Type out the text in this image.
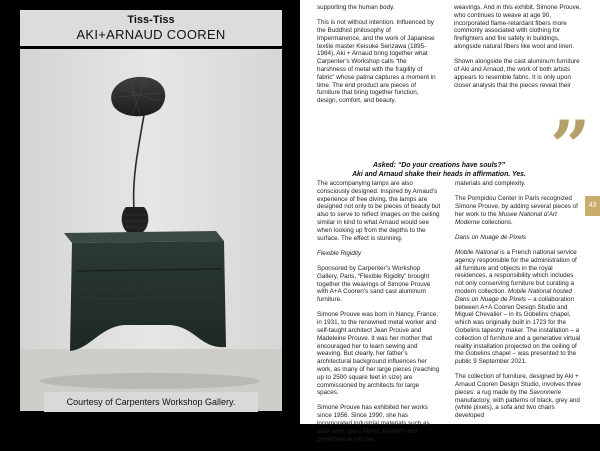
Tiss-Tiss
AKI+ARNAUD COOREN
Courtesy of Carpenters Workshop Gallery.

supporting the human body.

This is not without intention. Influenced by the Buddhist philosophy of Impermanence, and the work of Japanese textile master Keisuke Serizawa (1895-1984), Aki + Arnaud bring together what Carpenter’s Workshop calls “the harshness of metal with the fragility of fabric” whose patina captures a moment in time. The end product are pieces of furniture that bring together function, design, comfort, and beauty.

weavings. And in this exhibit, Simone Prouve, who continues to weave at age 90, incorporated flame-retardant fibers more commonly associated with clothing for firefighters and fire safety in buildings, alongside natural fibers like wool and linen.

Shown alongside the cast aluminum furniture of Aki and Arnaud, the work of both artists appears to resemble fabric. It is only upon closer analysis that the pieces reveal their

”
Asked: “Do your creations have souls?”
Aki and Arnaud shake their heads in affirmation. Yes.
43

The accompanying lamps are also consciously designed. Inspired by Arnaud’s experience of free diving, the lamps are designed not only to be pieces of beauty but also to serve to reflect images on the ceiling similar in kind to what Arnaud would see when looking up from the depths to the surface. The effect is stunning.

Flexible Rigidity

Sponsored by Carpenter’s Workshop Gallery, Paris, “Flexible Rigidity” brought together the weavings of Simone Prouve with A+A Cooren’s sand cast aluminum furniture.

Simone Prouve was born in Nancy, France, in 1931, to the renowned metal worker and self-taught architect Jean Prouve and Madeleine Prouve. It was her mother that encouraged her to learn sewing and weaving. But clearly, her father’s architectural background influences her work, as many of her large pieces (reaching up to 2500 square feet in size) are commissioned by architects for large spaces.

Simone Prouve has exhibited her works since 1956. Since 1990, she has incorporated industrial materials such as steel wire, glass fibres, Kevlar® and polyethylene into her

materials and complexity.

The Pompidou Center in Paris recognized Simone Prouve, by adding several pieces of her work to the Musee National d’Art Moderne collections.

Dans un Nuage de Pixels

Mobile National is a French national service agency responsible for the administration of all furniture and objects in the royal residences, a responsibility which includes not only conserving furniture but curating a modern collection. Mobile National hosted Dans un Nuage de Pixels – a collaboration between A+A Cooren Design Studio and Miguel Chevalier – in its Gobelins chapel, which was originally built in 1723 for the Gobelins tapestry maker. The installation – a collection of furniture and a generative virtual reality installation projected on the ceiling of the Gobelins chapel – was presented to the public 9 September 2021.

The collection of furniture, designed by Aki + Arnaud Cooren Design Studio, involves three pieces: a rug made by the Savonnerie manufactory, with patterns of black, grey and (white pixels), a sofa and two chairs developed
